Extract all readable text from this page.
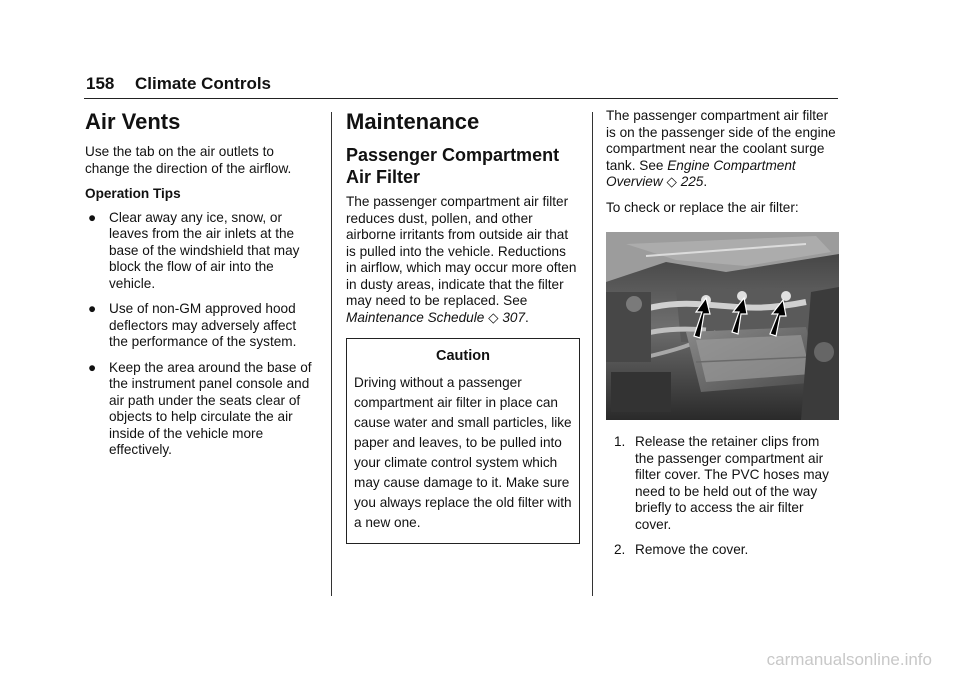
158 Climate Controls
Air Vents

Use the tab on the air outlets to change the direction of the airflow.

Operation Tips

● Clear away any ice, snow, or leaves from the air inlets at the base of the windshield that may block the flow of air into the vehicle.
● Use of non-GM approved hood deflectors may adversely affect the performance of the system.
● Keep the area around the base of the instrument panel console and air path under the seats clear of objects to help circulate the air inside of the vehicle more effectively.
Maintenance
Passenger Compartment Air Filter

The passenger compartment air filter reduces dust, pollen, and other airborne irritants from outside air that is pulled into the vehicle. Reductions in airflow, which may occur more often in dusty areas, indicate that the filter may need to be replaced. See Maintenance Schedule ◇ 307.

Caution
Driving without a passenger compartment air filter in place can cause water and small particles, like paper and leaves, to be pulled into your climate control system which may cause damage to it. Make sure you always replace the old filter with a new one.

The passenger compartment air filter is on the passenger side of the engine compartment near the coolant surge tank. See Engine Compartment Overview ◇ 225.

To check or replace the air filter:

1. Release the retainer clips from the passenger compartment air filter cover. The PVC hoses may need to be held out of the way briefly to access the air filter cover.
2. Remove the cover.
carmanualsonline.info
